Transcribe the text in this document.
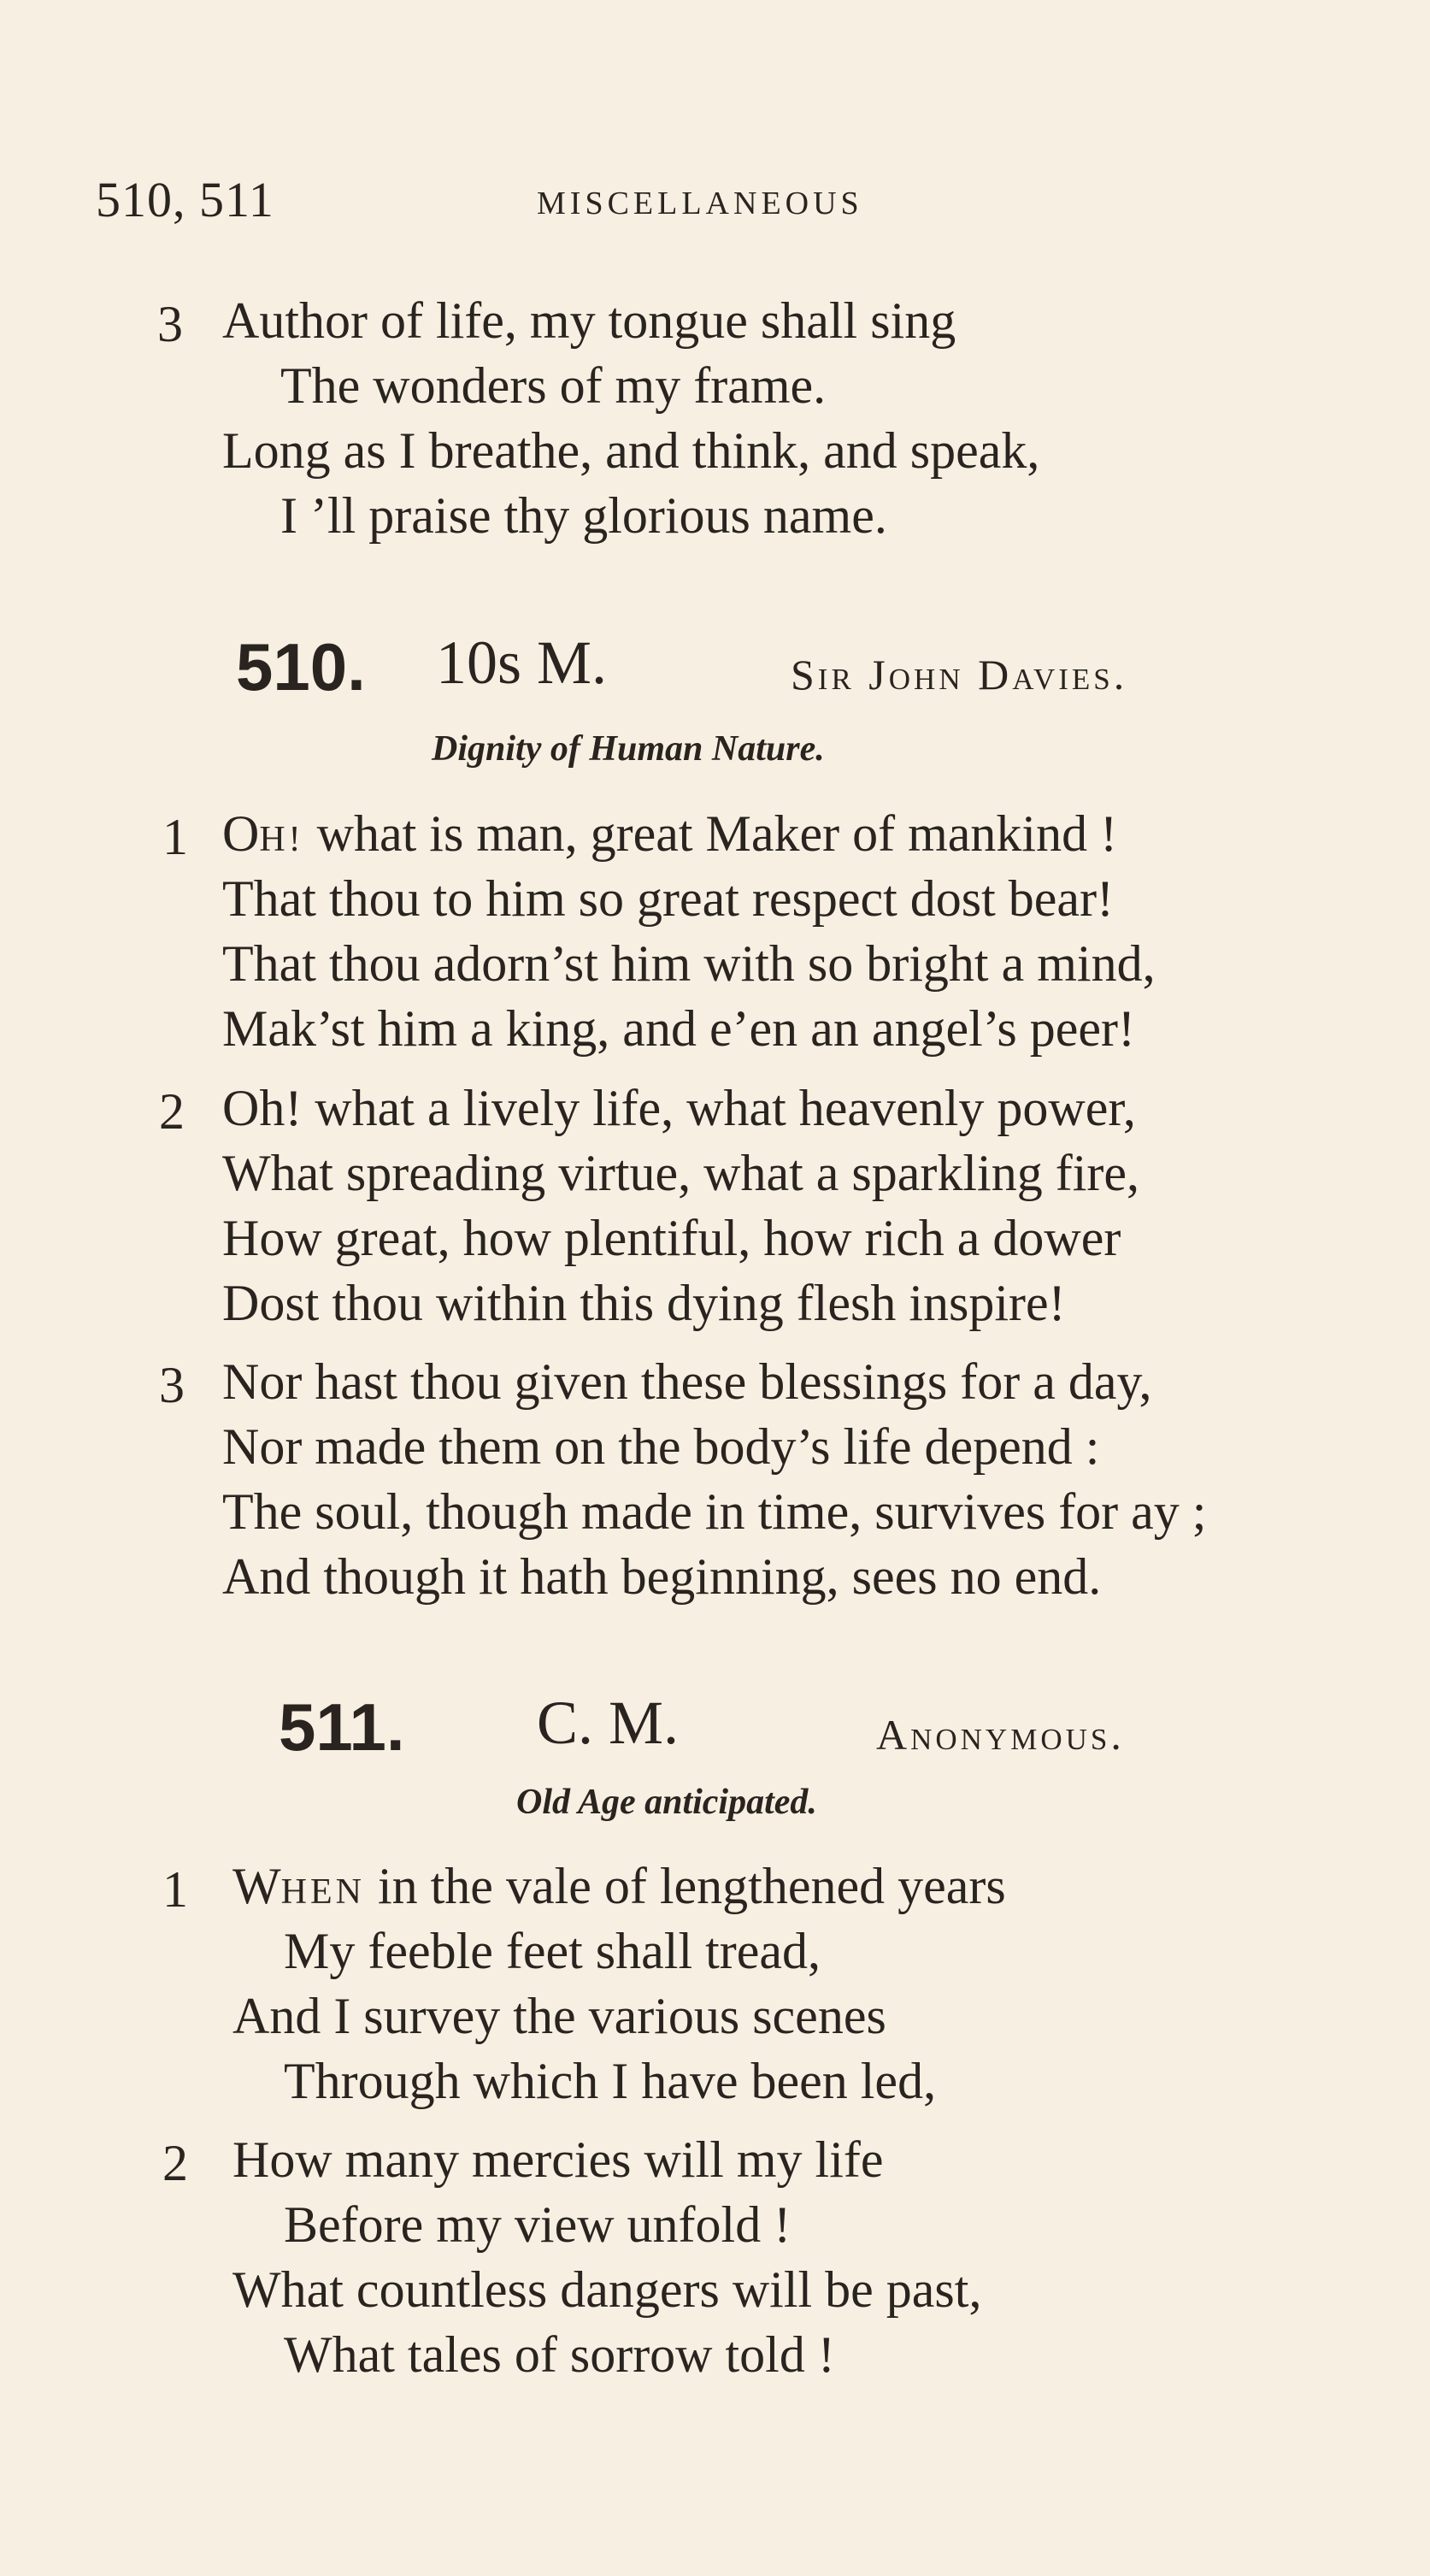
510, 511	MISCELLANEOUS
3 Author of life, my tongue shall sing
The wonders of my frame.
Long as I breathe, and think, and speak,
I ’ll praise thy glorious name.
510. 10s M.	Sir John Davies.
Dignity of Human Nature.
1 OH! what is man, great Maker of mankind !
That thou to him so great respect dost bear!
That thou adorn’st him with so bright a mind,
Mak’st him a king, and e’en an angel’s peer!
2 Oh! what a lively life, what heavenly power,
What spreading virtue, what a sparkling fire,
How great, how plentiful, how rich a dower
Dost thou within this dying flesh inspire!
3 Nor hast thou given these blessings for a day,
Nor made them on the body’s life depend :
The soul, though made in time, survives for ay ;
And though it hath beginning, sees no end.
511. C. M.	Anonymous.
Old Age anticipated.
1 WHEN in the vale of lengthened years
My feeble feet shall tread,
And I survey the various scenes
Through which I have been led,
2 How many mercies will my life
Before my view unfold !
What countless dangers will be past,
What tales of sorrow told !
